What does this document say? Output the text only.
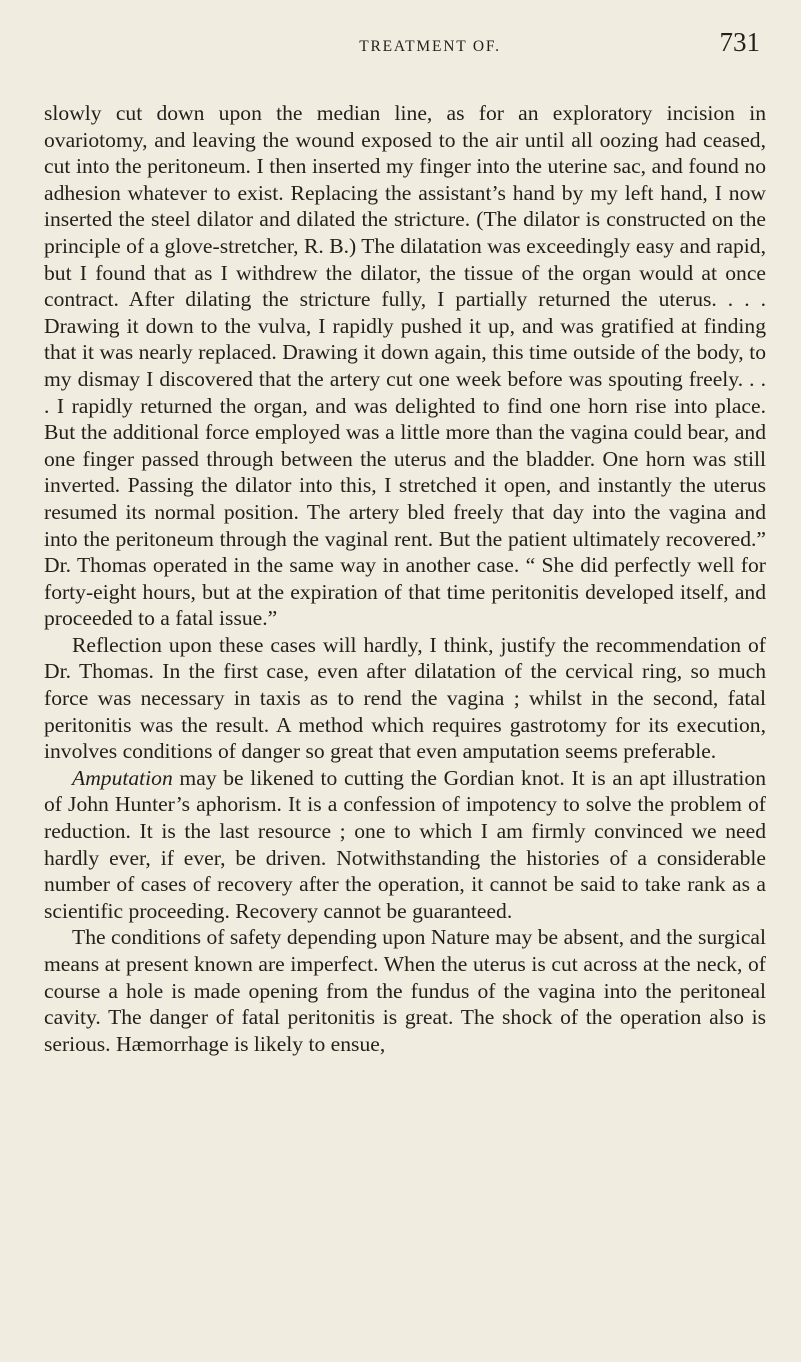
TREATMENT OF.	731

slowly cut down upon the median line, as for an exploratory incision in ovariotomy, and leaving the wound exposed to the air until all oozing had ceased, cut into the peritoneum. I then inserted my finger into the uterine sac, and found no adhesion whatever to exist. Replacing the assistant’s hand by my left hand, I now inserted the steel dilator and dilated the stricture. (The dilator is constructed on the principle of a glove-stretcher, R. B.) The dilatation was exceedingly easy and rapid, but I found that as I withdrew the dilator, the tissue of the organ would at once contract. After dilating the stricture fully, I partially returned the uterus. . . . Drawing it down to the vulva, I rapidly pushed it up, and was gratified at finding that it was nearly replaced. Drawing it down again, this time outside of the body, to my dismay I discovered that the artery cut one week before was spouting freely. . . . I rapidly returned the organ, and was delighted to find one horn rise into place. But the additional force employed was a little more than the vagina could bear, and one finger passed through between the uterus and the bladder. One horn was still inverted. Passing the dilator into this, I stretched it open, and instantly the uterus resumed its normal position. The artery bled freely that day into the vagina and into the peritoneum through the vaginal rent. But the patient ultimately recovered.” Dr. Thomas operated in the same way in another case. “ She did perfectly well for forty-eight hours, but at the expiration of that time peritonitis developed itself, and proceeded to a fatal issue.”

Reflection upon these cases will hardly, I think, justify the recommendation of Dr. Thomas. In the first case, even after dilatation of the cervical ring, so much force was necessary in taxis as to rend the vagina ; whilst in the second, fatal peritonitis was the result. A method which requires gastrotomy for its execution, involves conditions of danger so great that even amputation seems preferable.

Amputation may be likened to cutting the Gordian knot. It is an apt illustration of John Hunter’s aphorism. It is a confession of impotency to solve the problem of reduction. It is the last resource ; one to which I am firmly convinced we need hardly ever, if ever, be driven. Notwithstanding the histories of a considerable number of cases of recovery after the operation, it cannot be said to take rank as a scientific proceeding. Recovery cannot be guaranteed.

The conditions of safety depending upon Nature may be absent, and the surgical means at present known are imperfect. When the uterus is cut across at the neck, of course a hole is made opening from the fundus of the vagina into the peritoneal cavity. The danger of fatal peritonitis is great. The shock of the operation also is serious. Hæmorrhage is likely to ensue,
